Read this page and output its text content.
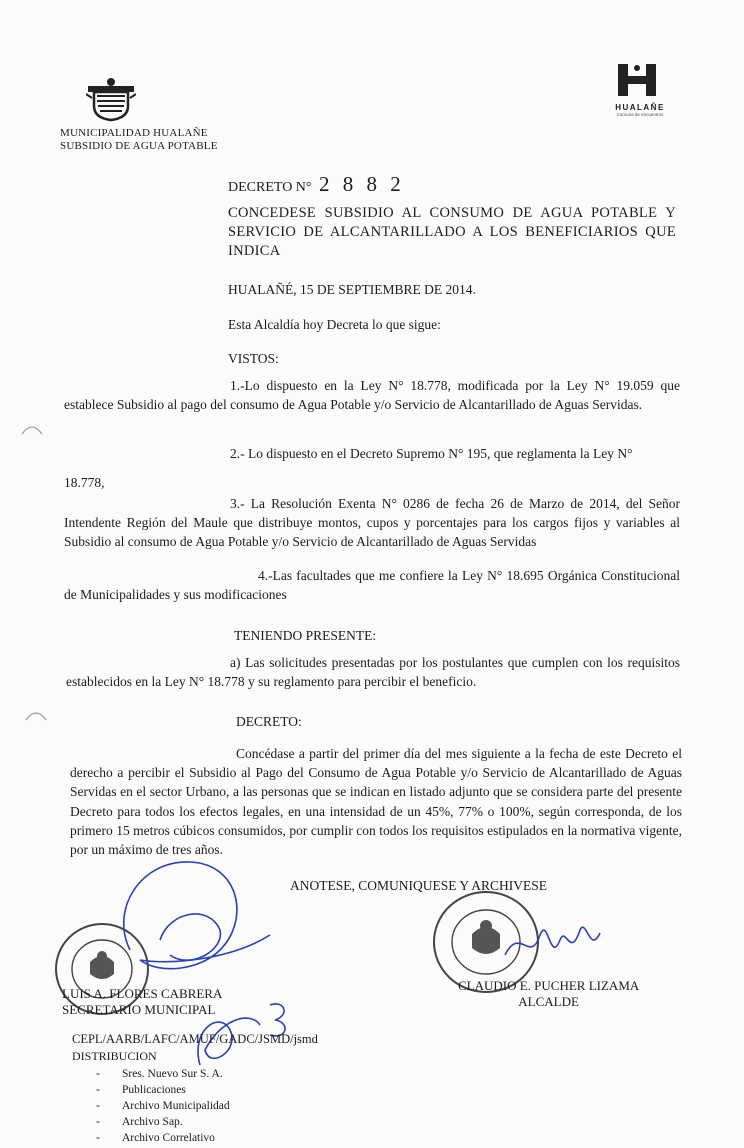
HUALAÑE
Comuna de encuentros
MUNICIPALIDAD HUALAÑE
SUBSIDIO DE AGUA POTABLE
DECRETO N° 2 8 8 2
CONCEDESE SUBSIDIO AL CONSUMO DE AGUA POTABLE Y SERVICIO DE ALCANTARILLADO A LOS BENEFICIARIOS QUE INDICA
HUALAÑÉ, 15 DE SEPTIEMBRE DE 2014.
Esta Alcaldía hoy Decreta lo que sigue:
VISTOS:
1.-Lo dispuesto en la Ley N° 18.778, modificada por la Ley N° 19.059 que establece Subsidio al pago del consumo de Agua Potable y/o Servicio de Alcantarillado de Aguas Servidas.
2.- Lo dispuesto en el Decreto Supremo N° 195, que reglamenta la Ley N°
18.778,
3.- La Resolución Exenta N° 0286 de fecha 26 de Marzo de 2014, del Señor Intendente Región del Maule que distribuye montos, cupos y porcentajes para los cargos fijos y variables al Subsidio al consumo de Agua Potable y/o Servicio de Alcantarillado de Aguas Servidas
4.-Las facultades que me confiere la Ley N° 18.695 Orgánica Constitucional de Municipalidades y sus modificaciones
TENIENDO PRESENTE:
a) Las solicitudes presentadas por los postulantes que cumplen con los requisitos establecidos en la Ley N° 18.778 y su reglamento para percibir el beneficio.
DECRETO:
Concédase a partir del primer día del mes siguiente a la fecha de este Decreto el derecho a percibir el Subsidio al Pago del Consumo de Agua Potable y/o Servicio de Alcantarillado de Aguas Servidas en el sector Urbano, a las personas que se indican en listado adjunto que se considera parte del presente Decreto para todos los efectos legales, en una intensidad de un 45%, 77% o 100%, según corresponda, de los primero 15 metros cúbicos consumidos, por cumplir con todos los requisitos estipulados en la normativa vigente, por un máximo de tres años.
ANOTESE, COMUNIQUESE Y ARCHIVESE
LUIS A. FLORES CABRERA
SECRETARIO MUNICIPAL
CLAUDIO E. PUCHER LIZAMA
ALCALDE
CEPL/AARB/LAFC/AMUF/GADC/JSMD/jsmd
DISTRIBUCION
- Sres. Nuevo Sur S. A.
- Publicaciones
- Archivo Municipalidad
- Archivo Sap.
- Archivo Correlativo
